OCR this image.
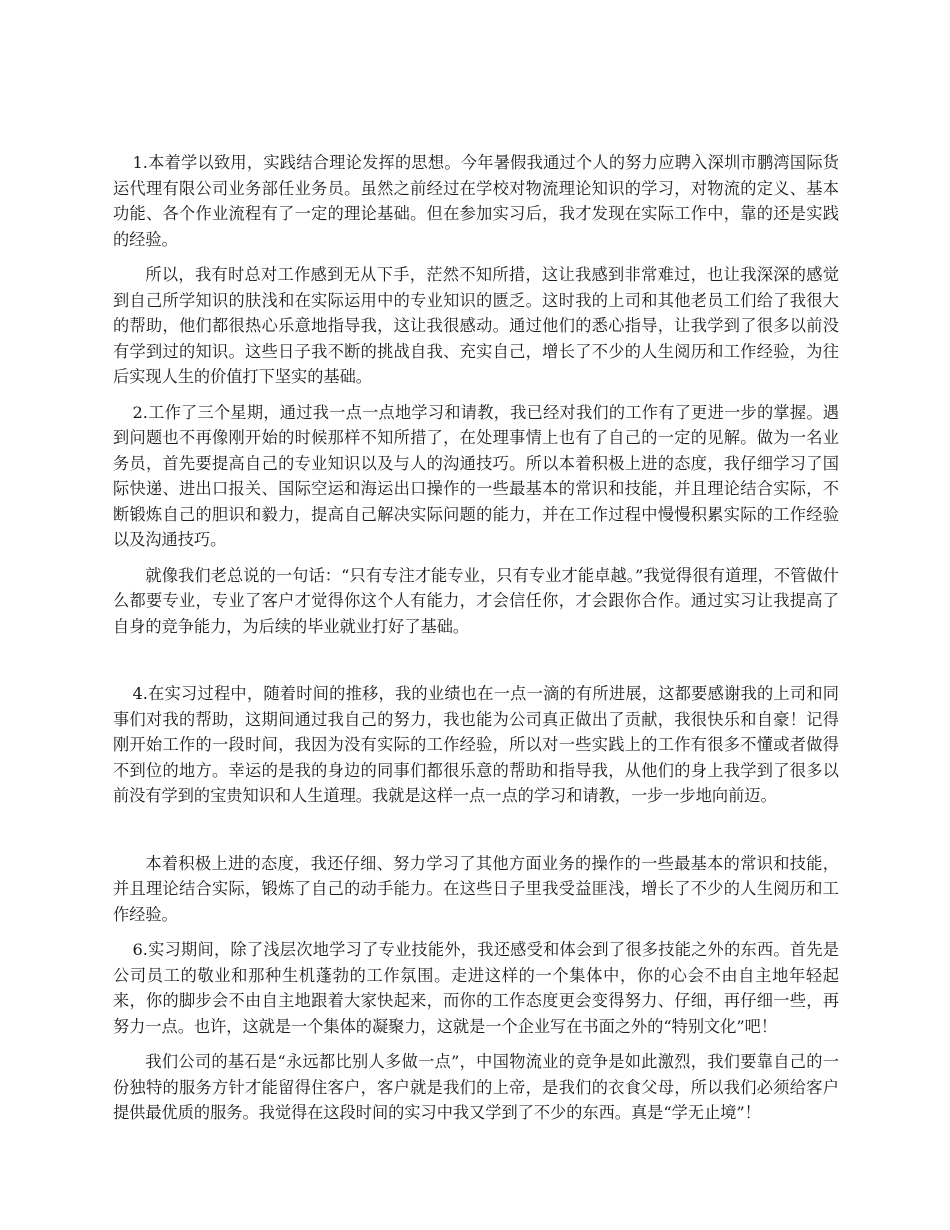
1.本着学以致用，实践结合理论发挥的思想。今年暑假我通过个人的努力应聘入深圳市鹏湾国际货运代理有限公司业务部任业务员。虽然之前经过在学校对物流理论知识的学习，对物流的定义、基本功能、各个作业流程有了一定的理论基础。但在参加实习后，我才发现在实际工作中，靠的还是实践的经验。

所以，我有时总对工作感到无从下手，茫然不知所措，这让我感到非常难过，也让我深深的感觉到自己所学知识的肤浅和在实际运用中的专业知识的匮乏。这时我的上司和其他老员工们给了我很大的帮助，他们都很热心乐意地指导我，这让我很感动。通过他们的悉心指导，让我学到了很多以前没有学到过的知识。这些日子我不断的挑战自我、充实自己，增长了不少的人生阅历和工作经验，为往后实现人生的价值打下坚实的基础。

2.工作了三个星期，通过我一点一点地学习和请教，我已经对我们的工作有了更进一步的掌握。遇到问题也不再像刚开始的时候那样不知所措了，在处理事情上也有了自己的一定的见解。做为一名业务员，首先要提高自己的专业知识以及与人的沟通技巧。所以本着积极上进的态度，我仔细学习了国际快递、进出口报关、国际空运和海运出口操作的一些最基本的常识和技能，并且理论结合实际，不断锻炼自己的胆识和毅力，提高自己解决实际问题的能力，并在工作过程中慢慢积累实际的工作经验以及沟通技巧。

就像我们老总说的一句话：“只有专注才能专业，只有专业才能卓越。”我觉得很有道理，不管做什么都要专业，专业了客户才觉得你这个人有能力，才会信任你，才会跟你合作。通过实习让我提高了自身的竞争能力，为后续的毕业就业打好了基础。

4.在实习过程中，随着时间的推移，我的业绩也在一点一滴的有所进展，这都要感谢我的上司和同事们对我的帮助，这期间通过我自己的努力，我也能为公司真正做出了贡献，我很快乐和自豪！记得刚开始工作的一段时间，我因为没有实际的工作经验，所以对一些实践上的工作有很多不懂或者做得不到位的地方。幸运的是我的身边的同事们都很乐意的帮助和指导我，从他们的身上我学到了很多以前没有学到的宝贵知识和人生道理。我就是这样一点一点的学习和请教，一步一步地向前迈。

本着积极上进的态度，我还仔细、努力学习了其他方面业务的操作的一些最基本的常识和技能，并且理论结合实际，锻炼了自己的动手能力。在这些日子里我受益匪浅，增长了不少的人生阅历和工作经验。

6.实习期间，除了浅层次地学习了专业技能外，我还感受和体会到了很多技能之外的东西。首先是公司员工的敬业和那种生机蓬勃的工作氛围。走进这样的一个集体中，你的心会不由自主地年轻起来，你的脚步会不由自主地跟着大家快起来，而你的工作态度更会变得努力、仔细，再仔细一些，再努力一点。也许，这就是一个集体的凝聚力，这就是一个企业写在书面之外的“特别文化”吧！

我们公司的基石是“永远都比别人多做一点”，中国物流业的竞争是如此激烈，我们要靠自己的一份独特的服务方针才能留得住客户，客户就是我们的上帝，是我们的衣食父母，所以我们必须给客户提供最优质的服务。我觉得在这段时间的实习中我又学到了不少的东西。真是“学无止境”！
